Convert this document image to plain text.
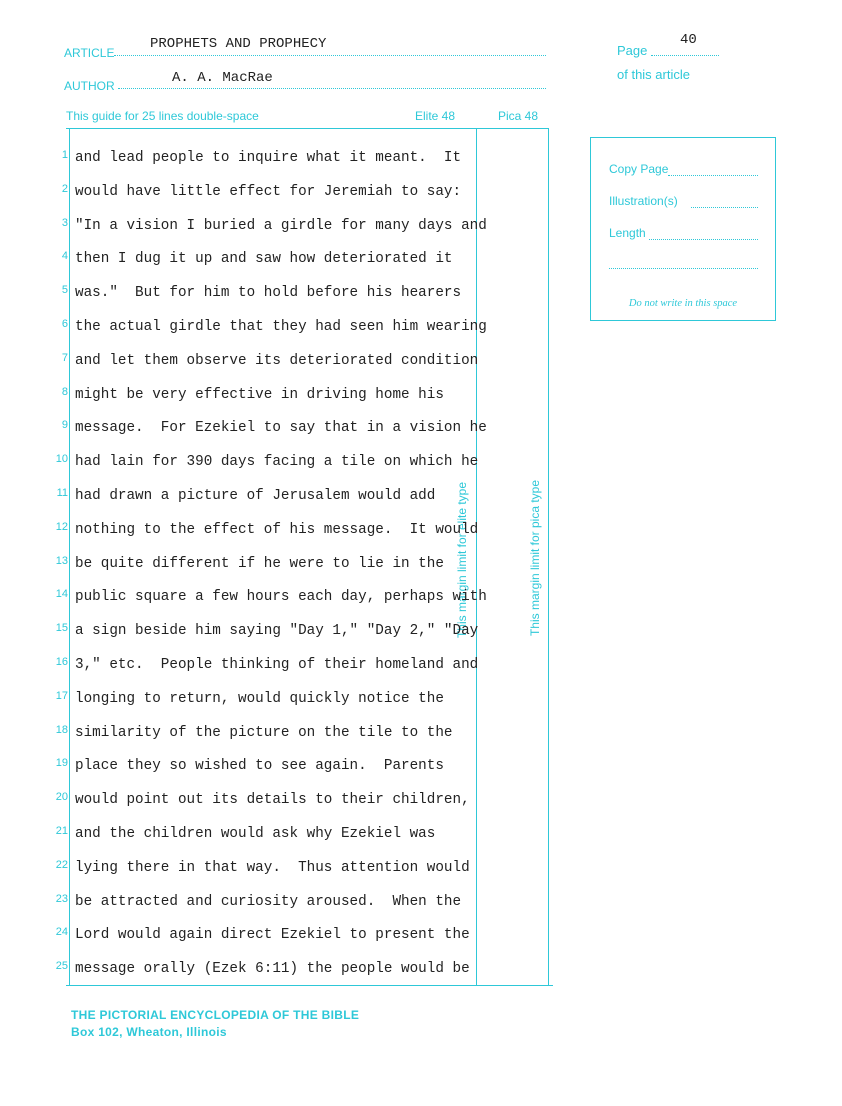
ARTICLE
PROPHETS AND PROPHECY
AUTHOR	A. A. MacRae
Page
40
of this article
This guide for 25 lines double-space	Elite 48	Pica 48
This margin limit for elite type	This margin limit for pica type
1
2
3
4
5
6
7
8
9
10
11
12
13
14
15
16
17
18
19
20
21
22
23
24
25
and lead people to inquire what it meant.  It
would have little effect for Jeremiah to say:
"In a vision I buried a girdle for many days and
then I dug it up and saw how deteriorated it
was."  But for him to hold before his hearers
the actual girdle that they had seen him wearing
and let them observe its deteriorated condition
might be very effective in driving home his
message.  For Ezekiel to say that in a vision he
had lain for 390 days facing a tile on which he
had drawn a picture of Jerusalem would add
nothing to the effect of his message.  It would
be quite different if he were to lie in the
public square a few hours each day, perhaps with
a sign beside him saying "Day 1," "Day 2," "Day
3," etc.  People thinking of their homeland and
longing to return, would quickly notice the
similarity of the picture on the tile to the
place they so wished to see again.  Parents
would point out its details to their children,
and the children would ask why Ezekiel was
lying there in that way.  Thus attention would
be attracted and curiosity aroused.  When the
Lord would again direct Ezekiel to present the
message orally (Ezek 6:11) the people would be
Copy Page
Illustration(s)
Length
Do not write in this space
THE PICTORIAL ENCYCLOPEDIA OF THE BIBLE
Box 102, Wheaton, Illinois
